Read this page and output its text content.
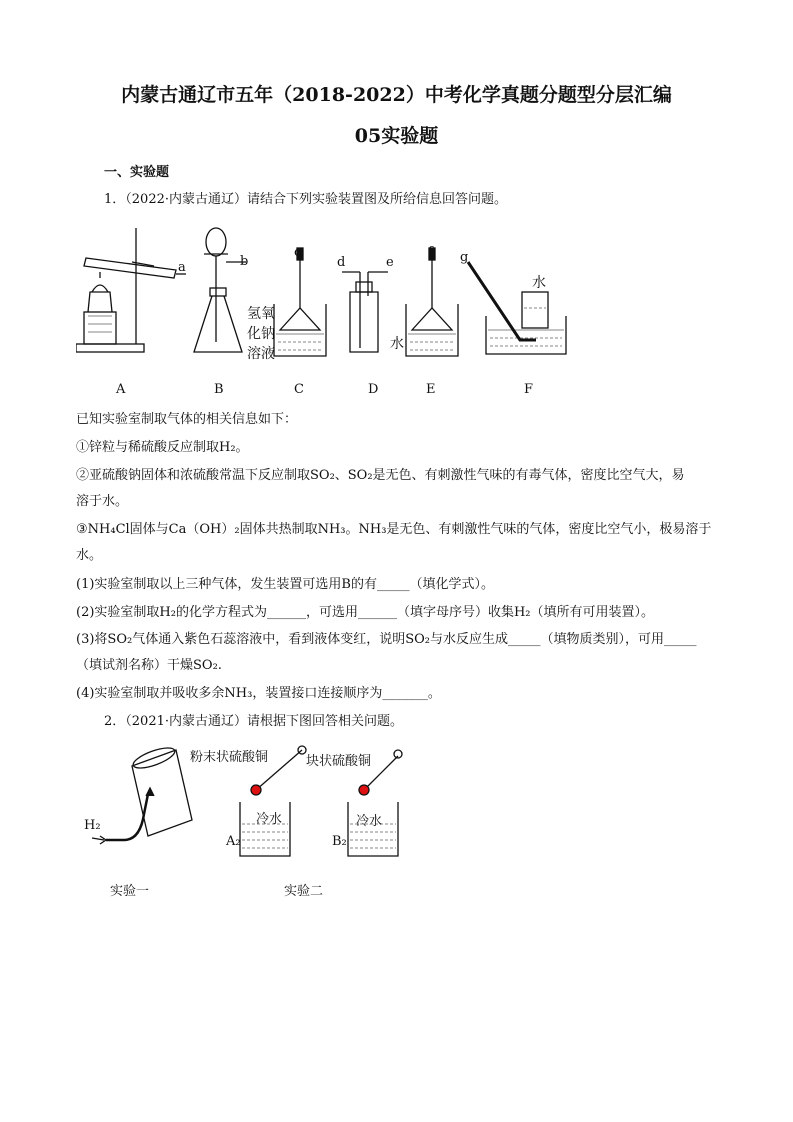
内蒙古通辽市五年（2018-2022）中考化学真题分题型分层汇编
05实验题
一、实验题
1．（2022·内蒙古通辽）请结合下列实验装置图及所给信息回答问题。
a	b
c
d	e
f g
氢氧
化钠
溶液
水
水
A	B	C	D	E	F
已知实验室制取气体的相关信息如下：
①锌粒与稀硫酸反应制取H₂。
②亚硫酸钠固体和浓硫酸常温下反应制取SO₂、SO₂是无色、有刺激性气味的有毒气体，密度比空气大，易
溶于水。
③NH₄Cl固体与Ca（OH）₂固体共热制取NH₃。NH₃是无色、有刺激性气味的气体，密度比空气小，极易溶于
水。
(1)实验室制取以上三种气体，发生装置可选用B的有_____（填化学式）。
(2)实验室制取H₂的化学方程式为______，可选用______（填字母序号）收集H₂（填所有可用装置）。
(3)将SO₂气体通入紫色石蕊溶液中，看到液体变红，说明SO₂与水反应生成_____（填物质类别），可用_____
（填试剂名称）干燥SO₂.
(4)实验室制取并吸收多余NH₃，装置接口连接顺序为_______。
2．（2021·内蒙古通辽）请根据下图回答相关问题。
H₂
粉末状硫酸铜	块状硫酸铜
冷水	冷水
A₂	B₂
实验一	实验二
